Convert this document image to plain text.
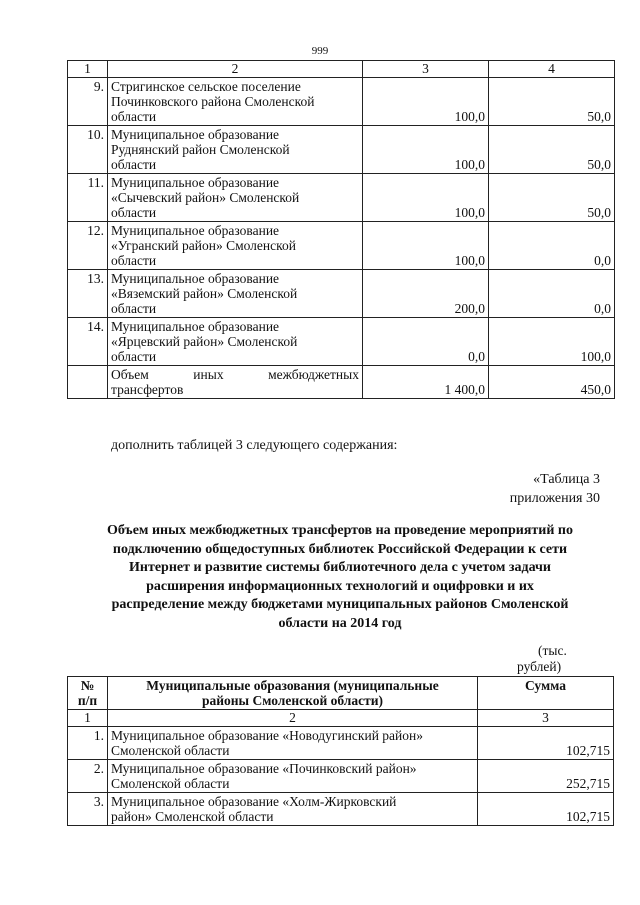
999
1	2	3	4
9.	Стригинское сельское поселение
Починковского района Смоленской
области	100,0	50,0
10.	Муниципальное образование
Руднянский район Смоленской
области	100,0	50,0
11.	Муниципальное образование
«Сычевский район» Смоленской
области	100,0	50,0
12.	Муниципальное образование
«Угранский район» Смоленской
области	100,0	0,0
13.	Муниципальное образование
«Вяземский район» Смоленской
области	200,0	0,0
14.	Муниципальное образование
«Ярцевский район» Смоленской
области	0,0	100,0

	Объем иных межбюджетных
трансфертов	1 400,0	450,0
дополнить таблицей 3 следующего содержания:
«Таблица 3
приложения 30
Объем иных межбюджетных трансфертов на проведение мероприятий по
подключению общедоступных библиотек Российской Федерации к сети
Интернет и развитие системы библиотечного дела с учетом задачи
расширения информационных технологий и оцифровки и их
распределение между бюджетами муниципальных районов Смоленской
области на 2014 год
(тыс.
рублей)
№
п/п	Муниципальные образования (муниципальные
районы Смоленской области)	Сумма
1	2	3
1.	Муниципальное образование «Новодугинский район»
Смоленской области	102,715
2.	Муниципальное образование «Починковский район»
Смоленской области	252,715
3.	Муниципальное образование «Холм-Жирковский
район» Смоленской области	102,715
